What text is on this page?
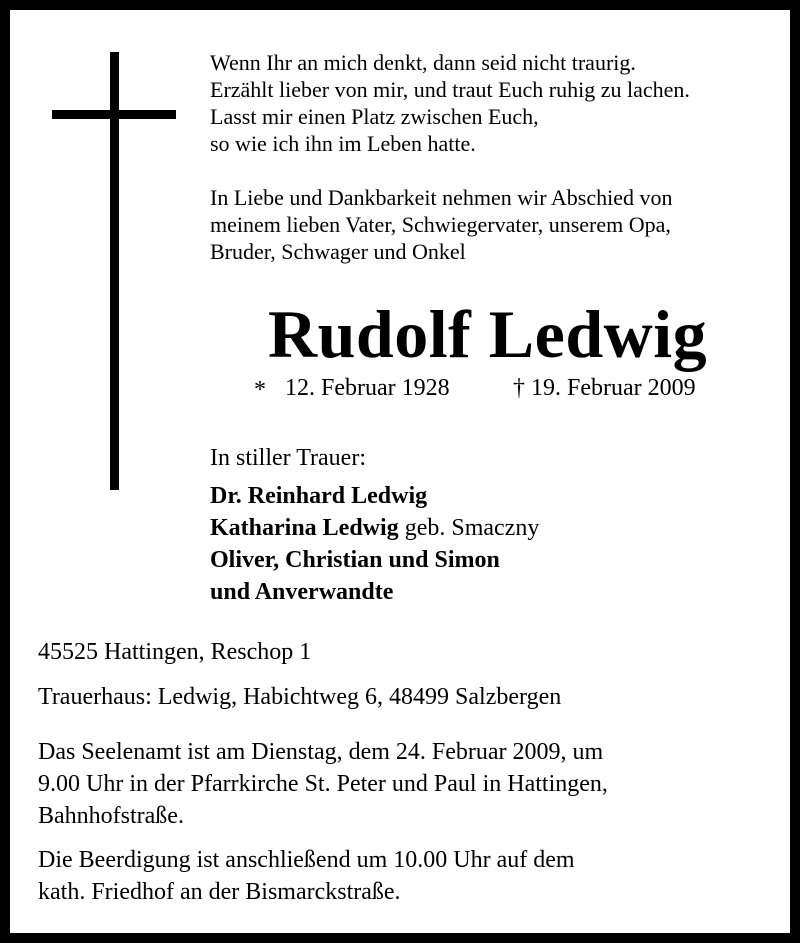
Wenn Ihr an mich denkt, dann seid nicht traurig.
Erzählt lieber von mir, und traut Euch ruhig zu lachen.
Lasst mir einen Platz zwischen Euch,
so wie ich ihn im Leben hatte.
In Liebe und Dankbarkeit nehmen wir Abschied von
meinem lieben Vater, Schwiegervater, unserem Opa,
Bruder, Schwager und Onkel
Rudolf Ledwig
* 12. Februar 1928	† 19. Februar 2009
In stiller Trauer:
Dr. Reinhard Ledwig
Katharina Ledwig geb. Smaczny
Oliver, Christian und Simon
und Anverwandte
45525 Hattingen, Reschop 1
Trauerhaus: Ledwig, Habichtweg 6, 48499 Salzbergen
Das Seelenamt ist am Dienstag, dem 24. Februar 2009, um
9.00 Uhr in der Pfarrkirche St. Peter und Paul in Hattingen,
Bahnhofstraße.
Die Beerdigung ist anschließend um 10.00 Uhr auf dem
kath. Friedhof an der Bismarckstraße.
